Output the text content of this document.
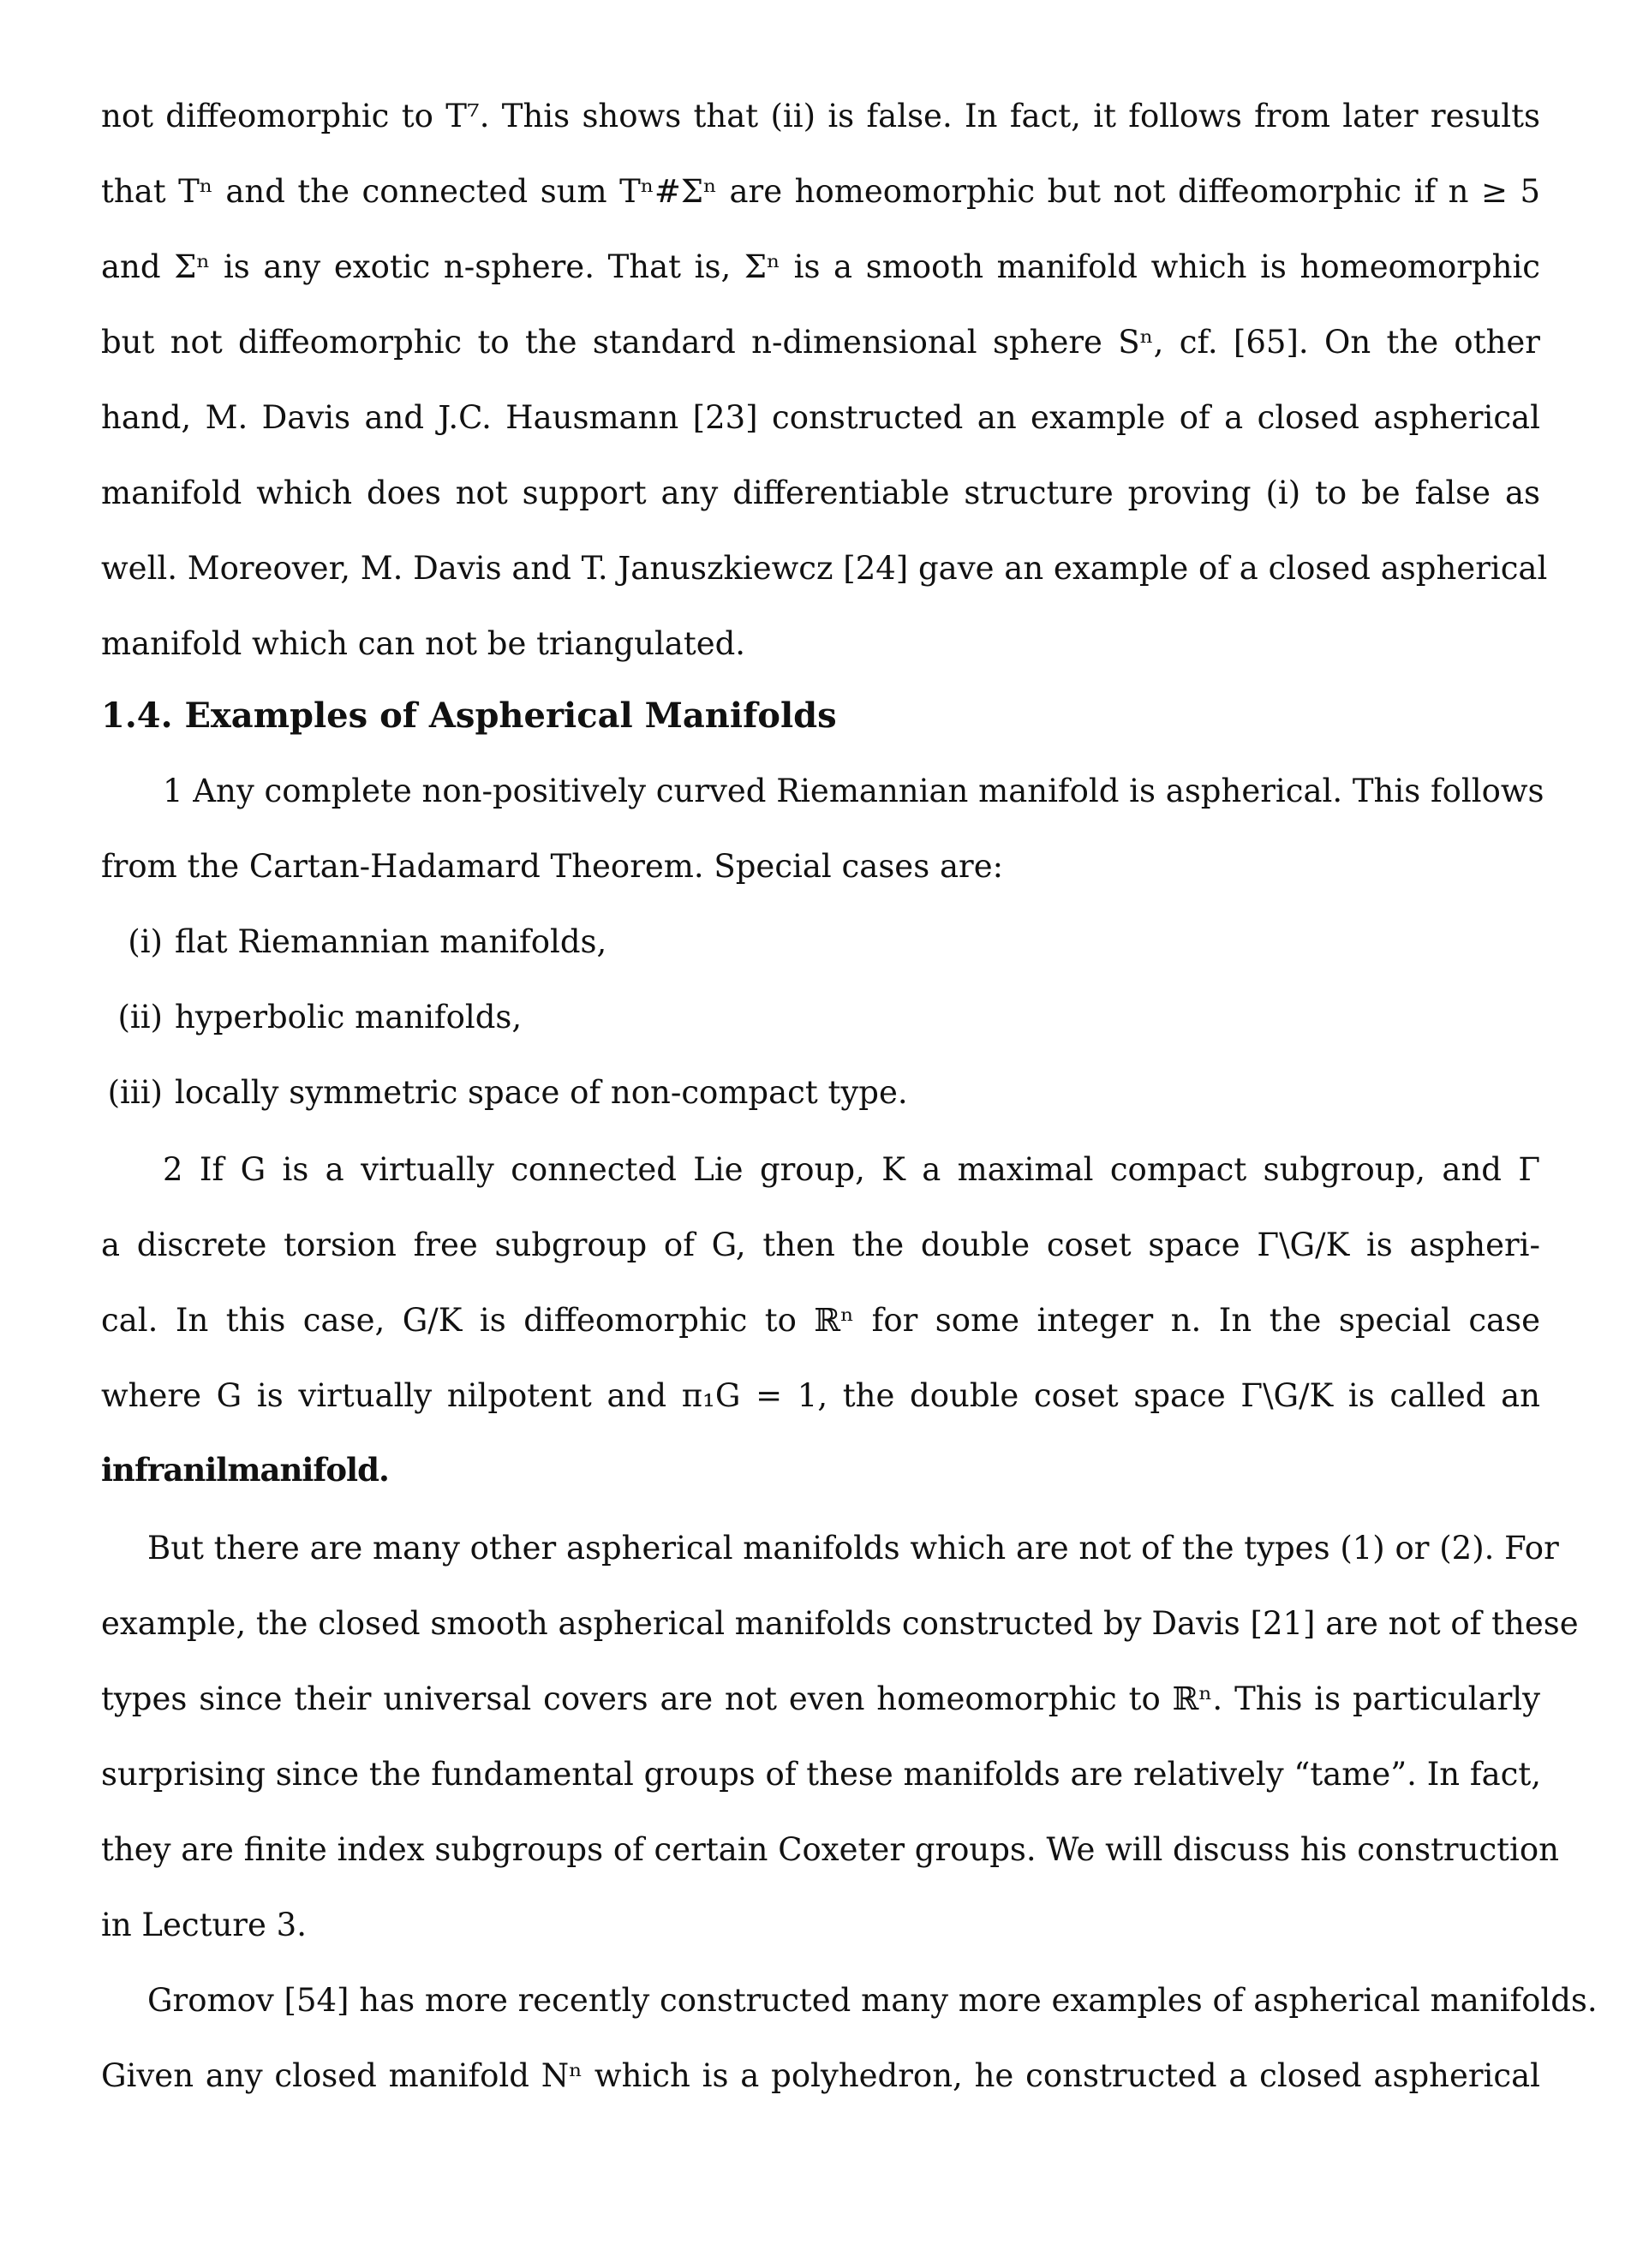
not diffeomorphic to T⁷. This shows that (ii) is false. In fact, it follows from later results
that Tⁿ and the connected sum Tⁿ#Σⁿ are homeomorphic but not diffeomorphic if n ≥ 5
and Σⁿ is any exotic n-sphere. That is, Σⁿ is a smooth manifold which is homeomorphic
but not diffeomorphic to the standard n-dimensional sphere Sⁿ, cf. [65]. On the other
hand, M. Davis and J.C. Hausmann [23] constructed an example of a closed aspherical
manifold which does not support any differentiable structure proving (i) to be false as
well. Moreover, M. Davis and T. Januszkiewcz [24] gave an example of a closed aspherical
manifold which can not be triangulated.
1.4. Examples of Aspherical Manifolds
1 Any complete non-positively curved Riemannian manifold is aspherical. This follows
from the Cartan-Hadamard Theorem. Special cases are:
(i) flat Riemannian manifolds,
(ii) hyperbolic manifolds,
(iii) locally symmetric space of non-compact type.
2 If G is a virtually connected Lie group, K a maximal compact subgroup, and Γ
a discrete torsion free subgroup of G, then the double coset space Γ\G/K is aspheri-
cal. In this case, G/K is diffeomorphic to ℝⁿ for some integer n. In the special case
where G is virtually nilpotent and π₁G = 1, the double coset space Γ\G/K is called an
infranilmanifold.
But there are many other aspherical manifolds which are not of the types (1) or (2). For
example, the closed smooth aspherical manifolds constructed by Davis [21] are not of these
types since their universal covers are not even homeomorphic to ℝⁿ. This is particularly
surprising since the fundamental groups of these manifolds are relatively “tame”. In fact,
they are finite index subgroups of certain Coxeter groups. We will discuss his construction
in Lecture 3.
Gromov [54] has more recently constructed many more examples of aspherical manifolds.
Given any closed manifold Nⁿ which is a polyhedron, he constructed a closed aspherical
